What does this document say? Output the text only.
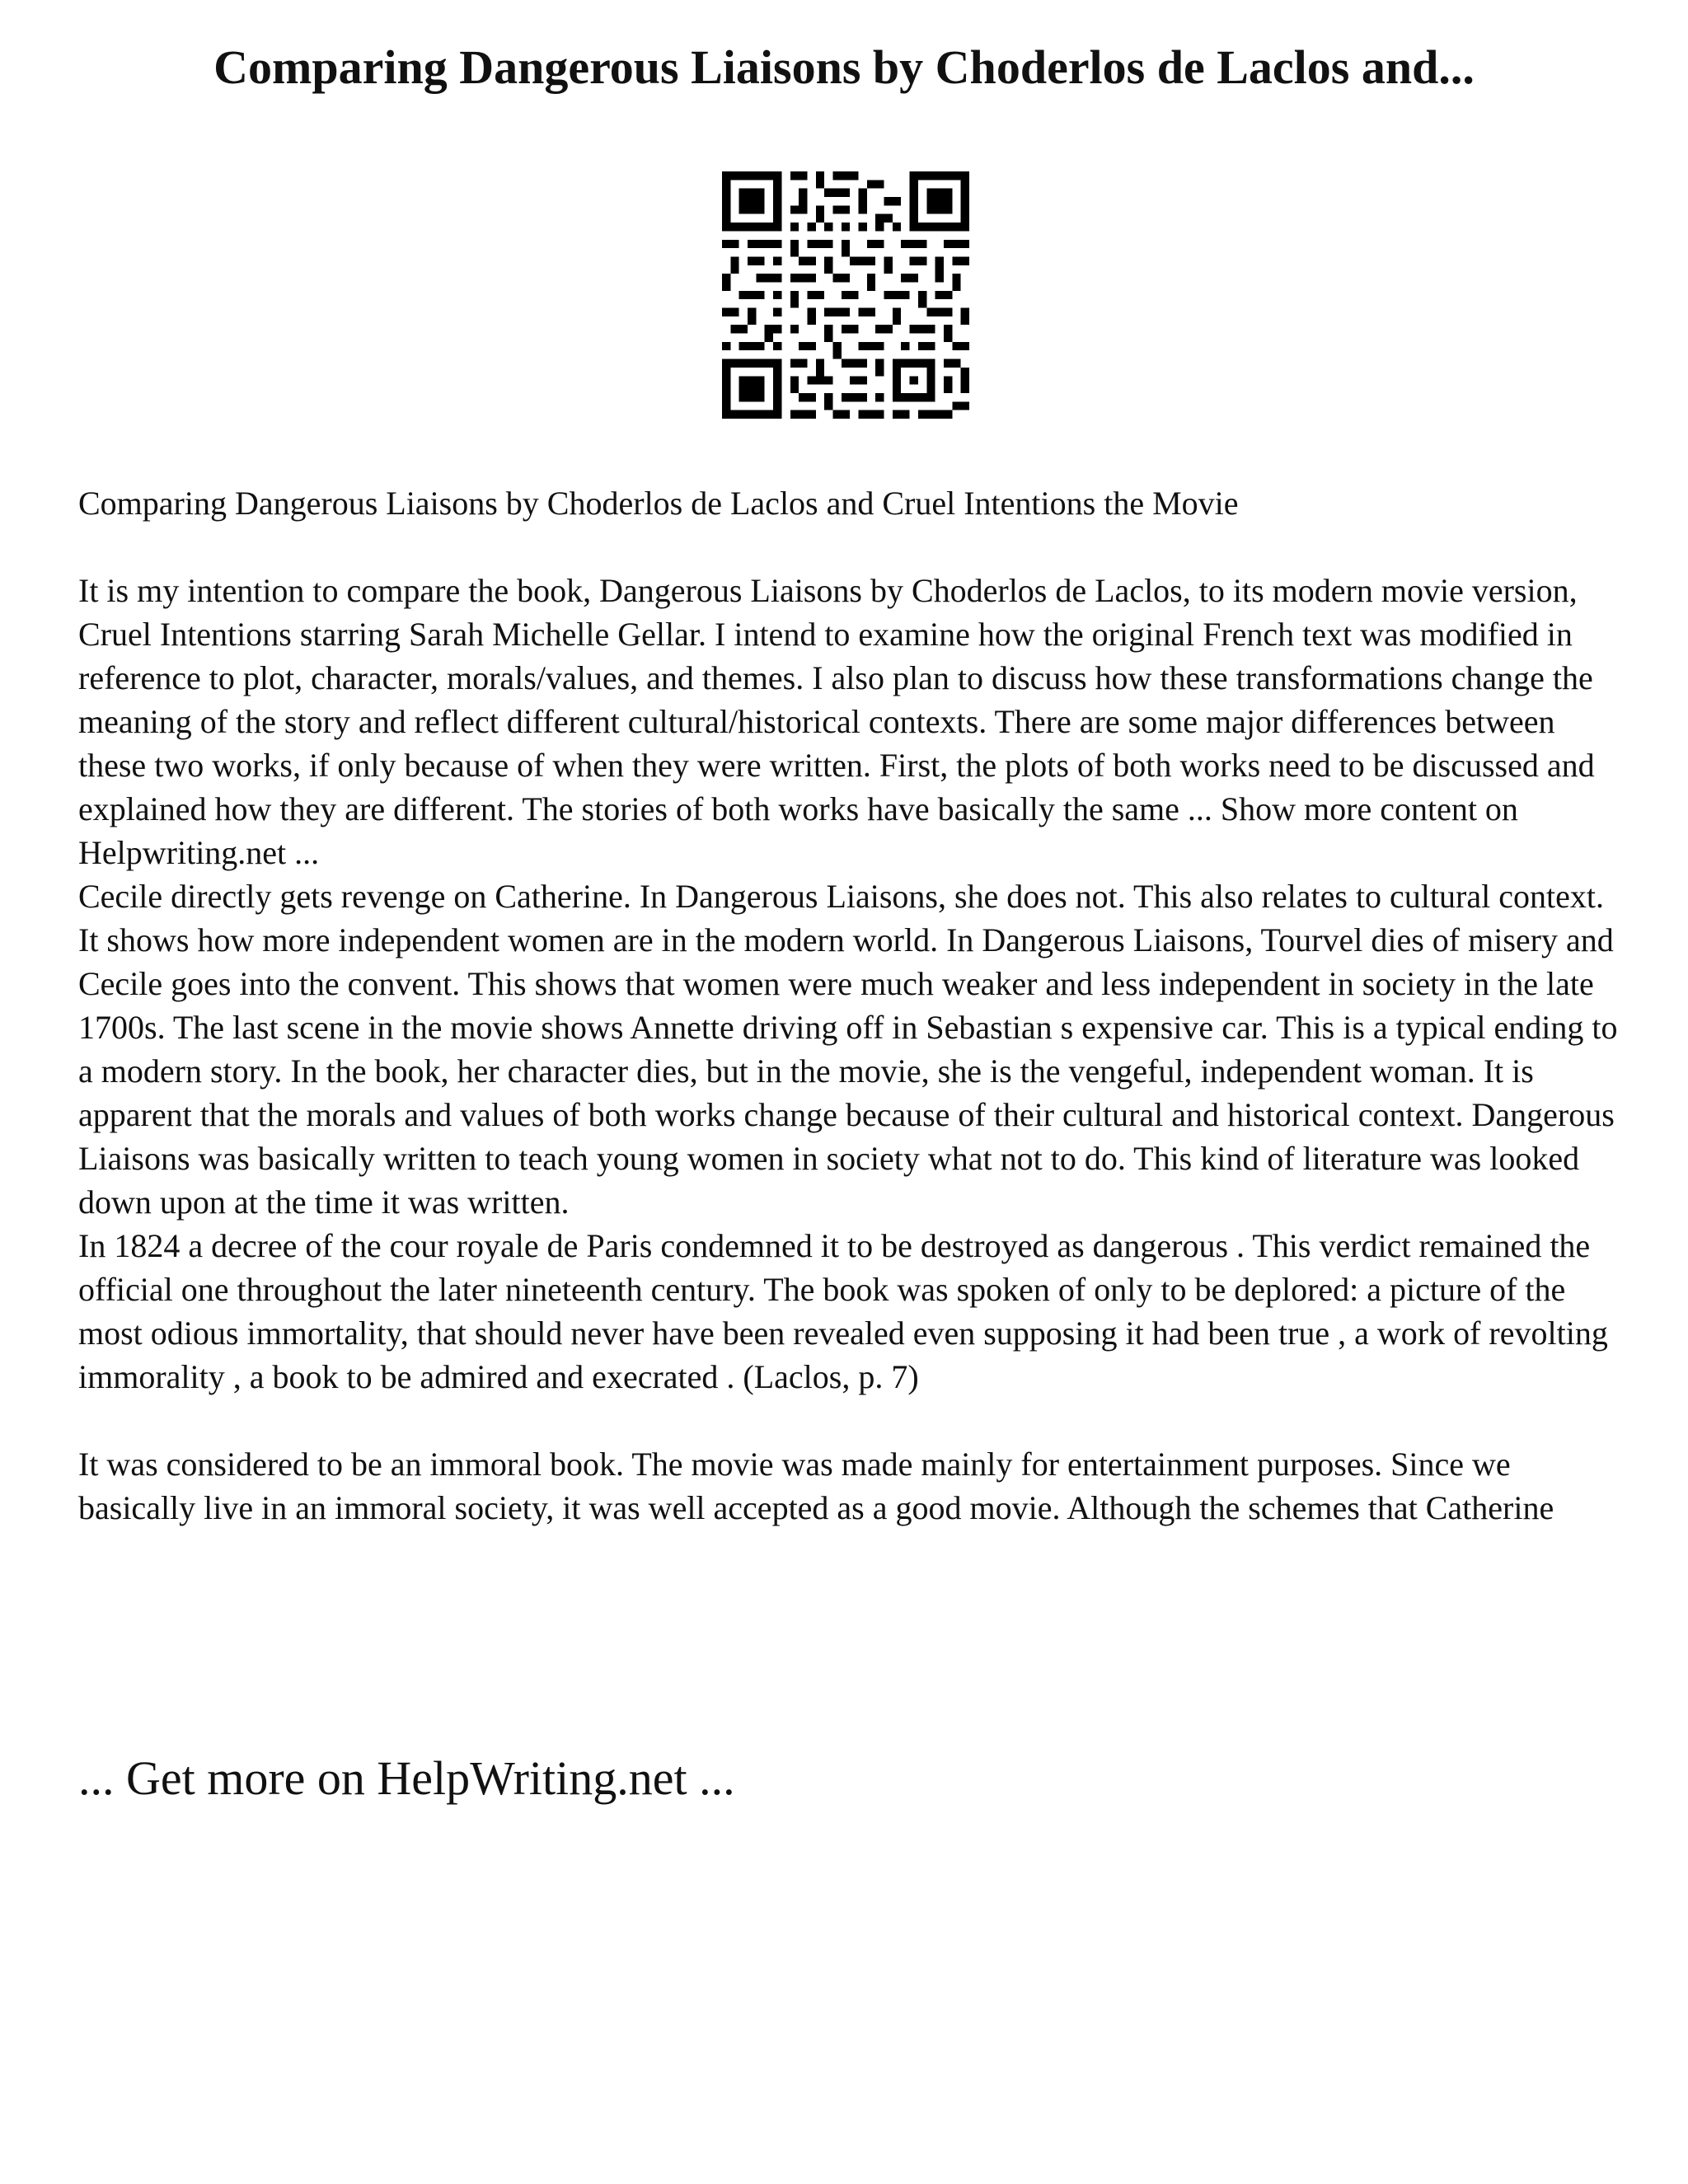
Comparing Dangerous Liaisons by Choderlos de Laclos and...

Comparing Dangerous Liaisons by Choderlos de Laclos and Cruel Intentions the Movie

It is my intention to compare the book, Dangerous Liaisons by Choderlos de Laclos, to its modern movie version, Cruel Intentions starring Sarah Michelle Gellar. I intend to examine how the original French text was modified in reference to plot, character, morals/values, and themes. I also plan to discuss how these transformations change the meaning of the story and reflect different cultural/historical contexts. There are some major differences between these two works, if only because of when they were written. First, the plots of both works need to be discussed and explained how they are different. The stories of both works have basically the same ... Show more content on Helpwriting.net ...

Cecile directly gets revenge on Catherine. In Dangerous Liaisons, she does not. This also relates to cultural context. It shows how more independent women are in the modern world. In Dangerous Liaisons, Tourvel dies of misery and Cecile goes into the convent. This shows that women were much weaker and less independent in society in the late 1700s. The last scene in the movie shows Annette driving off in Sebastian s expensive car. This is a typical ending to a modern story. In the book, her character dies, but in the movie, she is the vengeful, independent woman. It is apparent that the morals and values of both works change because of their cultural and historical context. Dangerous Liaisons was basically written to teach young women in society what not to do. This kind of literature was looked down upon at the time it was written.

In 1824 a decree of the cour royale de Paris condemned it to be destroyed as dangerous . This verdict remained the official one throughout the later nineteenth century. The book was spoken of only to be deplored: a picture of the most odious immortality, that should never have been revealed even supposing it had been true , a work of revolting immorality , a book to be admired and execrated . (Laclos, p. 7)

It was considered to be an immoral book. The movie was made mainly for entertainment purposes. Since we basically live in an immoral society, it was well accepted as a good movie. Although the schemes that Catherine

... Get more on HelpWriting.net ...
